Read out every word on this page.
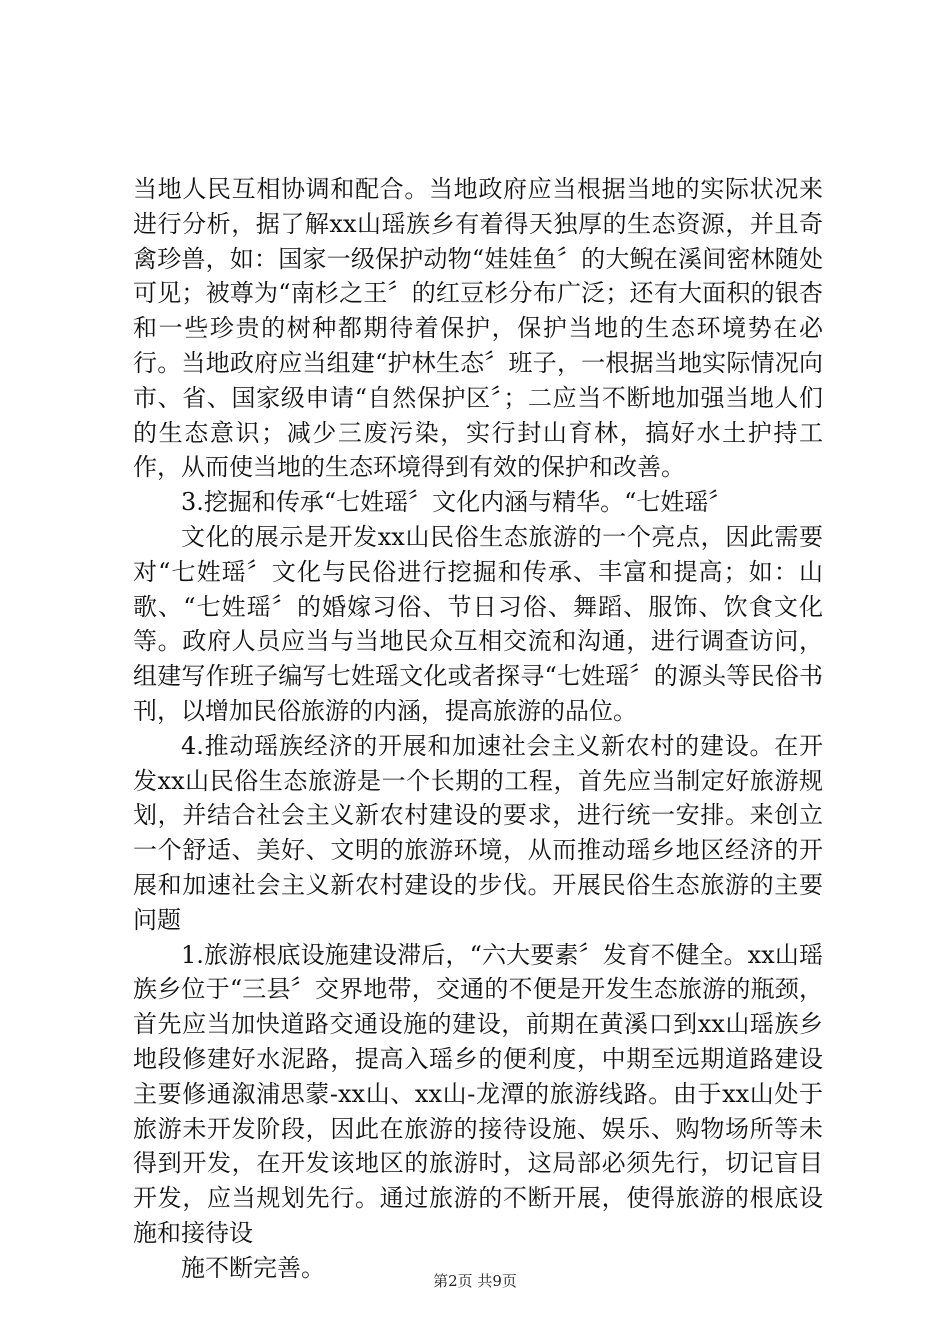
当地人民互相协调和配合。当地政府应当根据当地的实际状况来进行分析，据了解xx山瑶族乡有着得天独厚的生态资源，并且奇禽珍兽，如：国家一级保护动物“娃娃鱼〞的大鲵在溪间密林随处可见；被尊为“南杉之王〞的红豆杉分布广泛；还有大面积的银杏和一些珍贵的树种都期待着保护，保护当地的生态环境势在必行。当地政府应当组建“护林生态〞班子，一根据当地实际情况向市、省、国家级申请“自然保护区〞；二应当不断地加强当地人们的生态意识；减少三废污染，实行封山育林，搞好水土护持工作，从而使当地的生态环境得到有效的保护和改善。

3.挖掘和传承“七姓瑶〞文化内涵与精华。“七姓瑶〞

文化的展示是开发xx山民俗生态旅游的一个亮点，因此需要对“七姓瑶〞文化与民俗进行挖掘和传承、丰富和提高；如：山歌、“七姓瑶〞的婚嫁习俗、节日习俗、舞蹈、服饰、饮食文化等。政府人员应当与当地民众互相交流和沟通，进行调查访问，组建写作班子编写七姓瑶文化或者探寻“七姓瑶〞的源头等民俗书刊，以增加民俗旅游的内涵，提高旅游的品位。

4.推动瑶族经济的开展和加速社会主义新农村的建设。在开发xx山民俗生态旅游是一个长期的工程，首先应当制定好旅游规划，并结合社会主义新农村建设的要求，进行统一安排。来创立一个舒适、美好、文明的旅游环境，从而推动瑶乡地区经济的开展和加速社会主义新农村建设的步伐。开展民俗生态旅游的主要问题

1.旅游根底设施建设滞后，“六大要素〞发育不健全。xx山瑶族乡位于“三县〞交界地带，交通的不便是开发生态旅游的瓶颈，首先应当加快道路交通设施的建设，前期在黄溪口到xx山瑶族乡地段修建好水泥路，提高入瑶乡的便利度，中期至远期道路建设主要修通溆浦思蒙-xx山、xx山-龙潭的旅游线路。由于xx山处于旅游未开发阶段，因此在旅游的接待设施、娱乐、购物场所等未得到开发，在开发该地区的旅游时，这局部必须先行，切记盲目开发，应当规划先行。通过旅游的不断开展，使得旅游的根底设施和接待设

施不断完善。	第2页 共9页
